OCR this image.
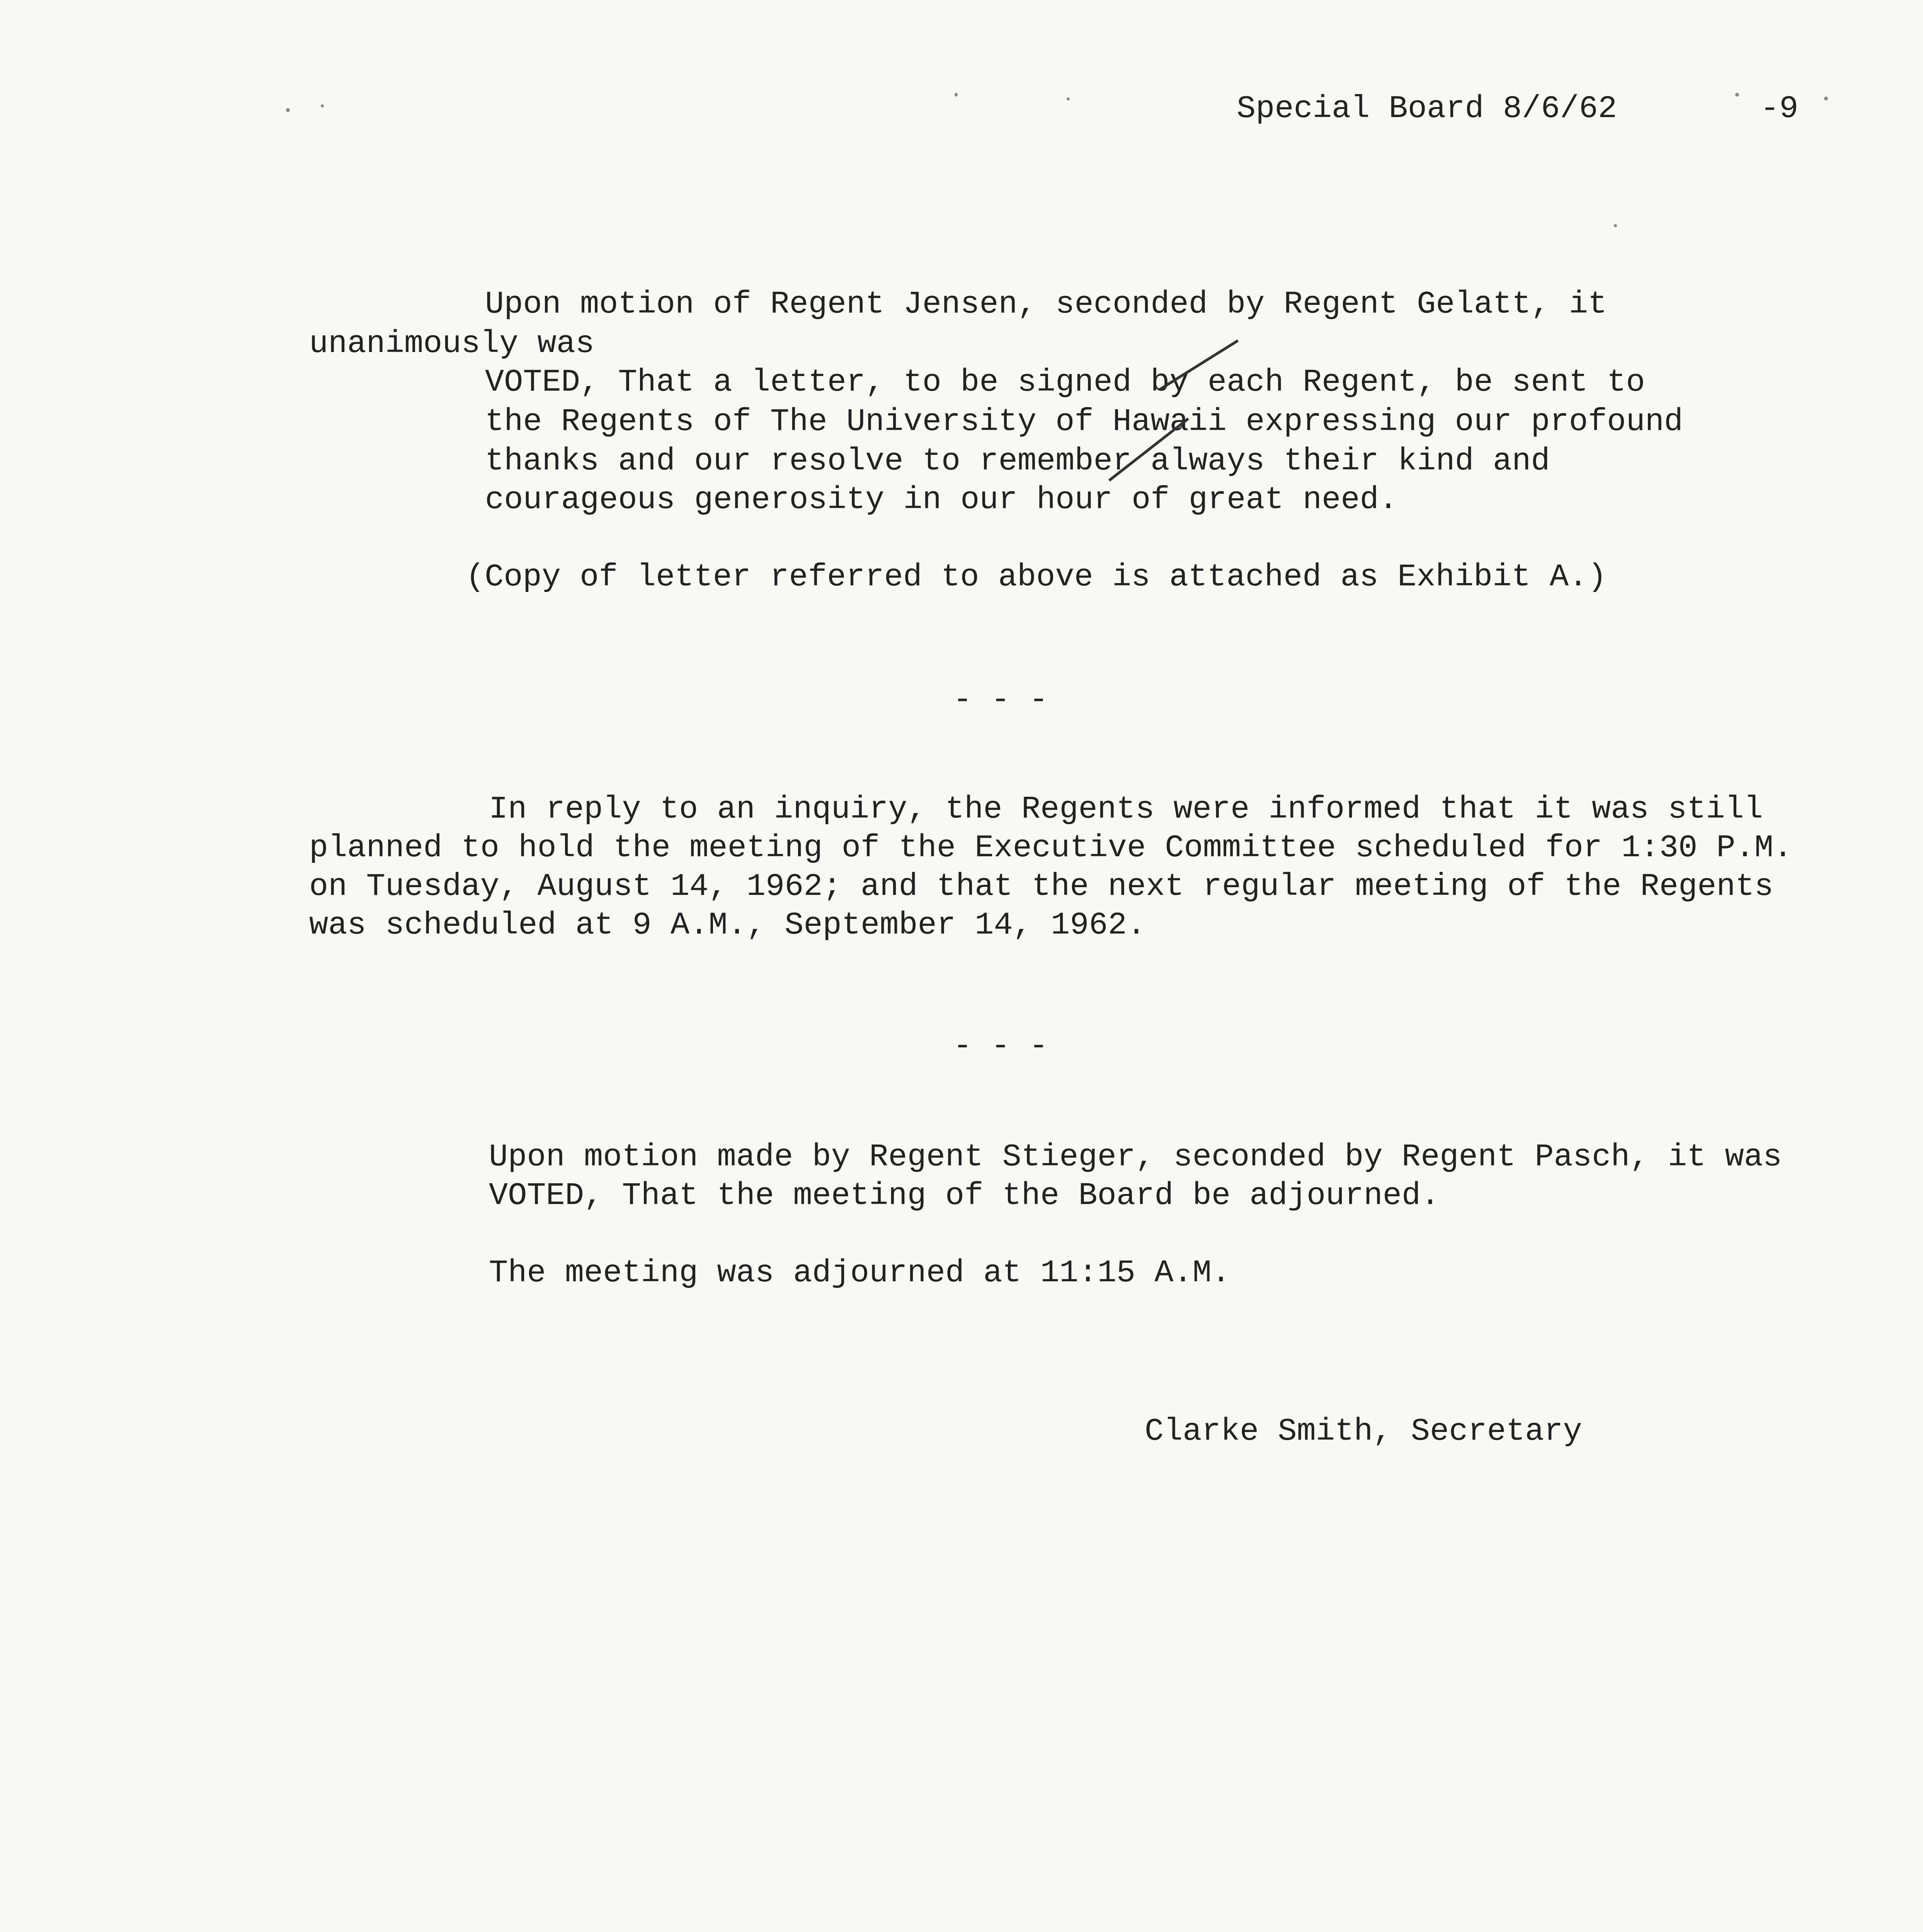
Special Board 8/6/62	-9
Upon motion of Regent Jensen, seconded by Regent Gelatt, it
unanimously was
VOTED, That a letter, to be signed by each Regent, be sent to
the Regents of The University of Hawaii expressing our profound
thanks and our resolve to remember always their kind and
courageous generosity in our hour of great need.
(Copy of letter referred to above is attached as Exhibit A.)
- - -
In reply to an inquiry, the Regents were informed that it was still
planned to hold the meeting of the Executive Committee scheduled for 1:30 P.M.
on Tuesday, August 14, 1962; and that the next regular meeting of the Regents
was scheduled at 9 A.M., September 14, 1962.
- - -
Upon motion made by Regent Stieger, seconded by Regent Pasch, it was
VOTED, That the meeting of the Board be adjourned.
The meeting was adjourned at 11:15 A.M.
Clarke Smith, Secretary
